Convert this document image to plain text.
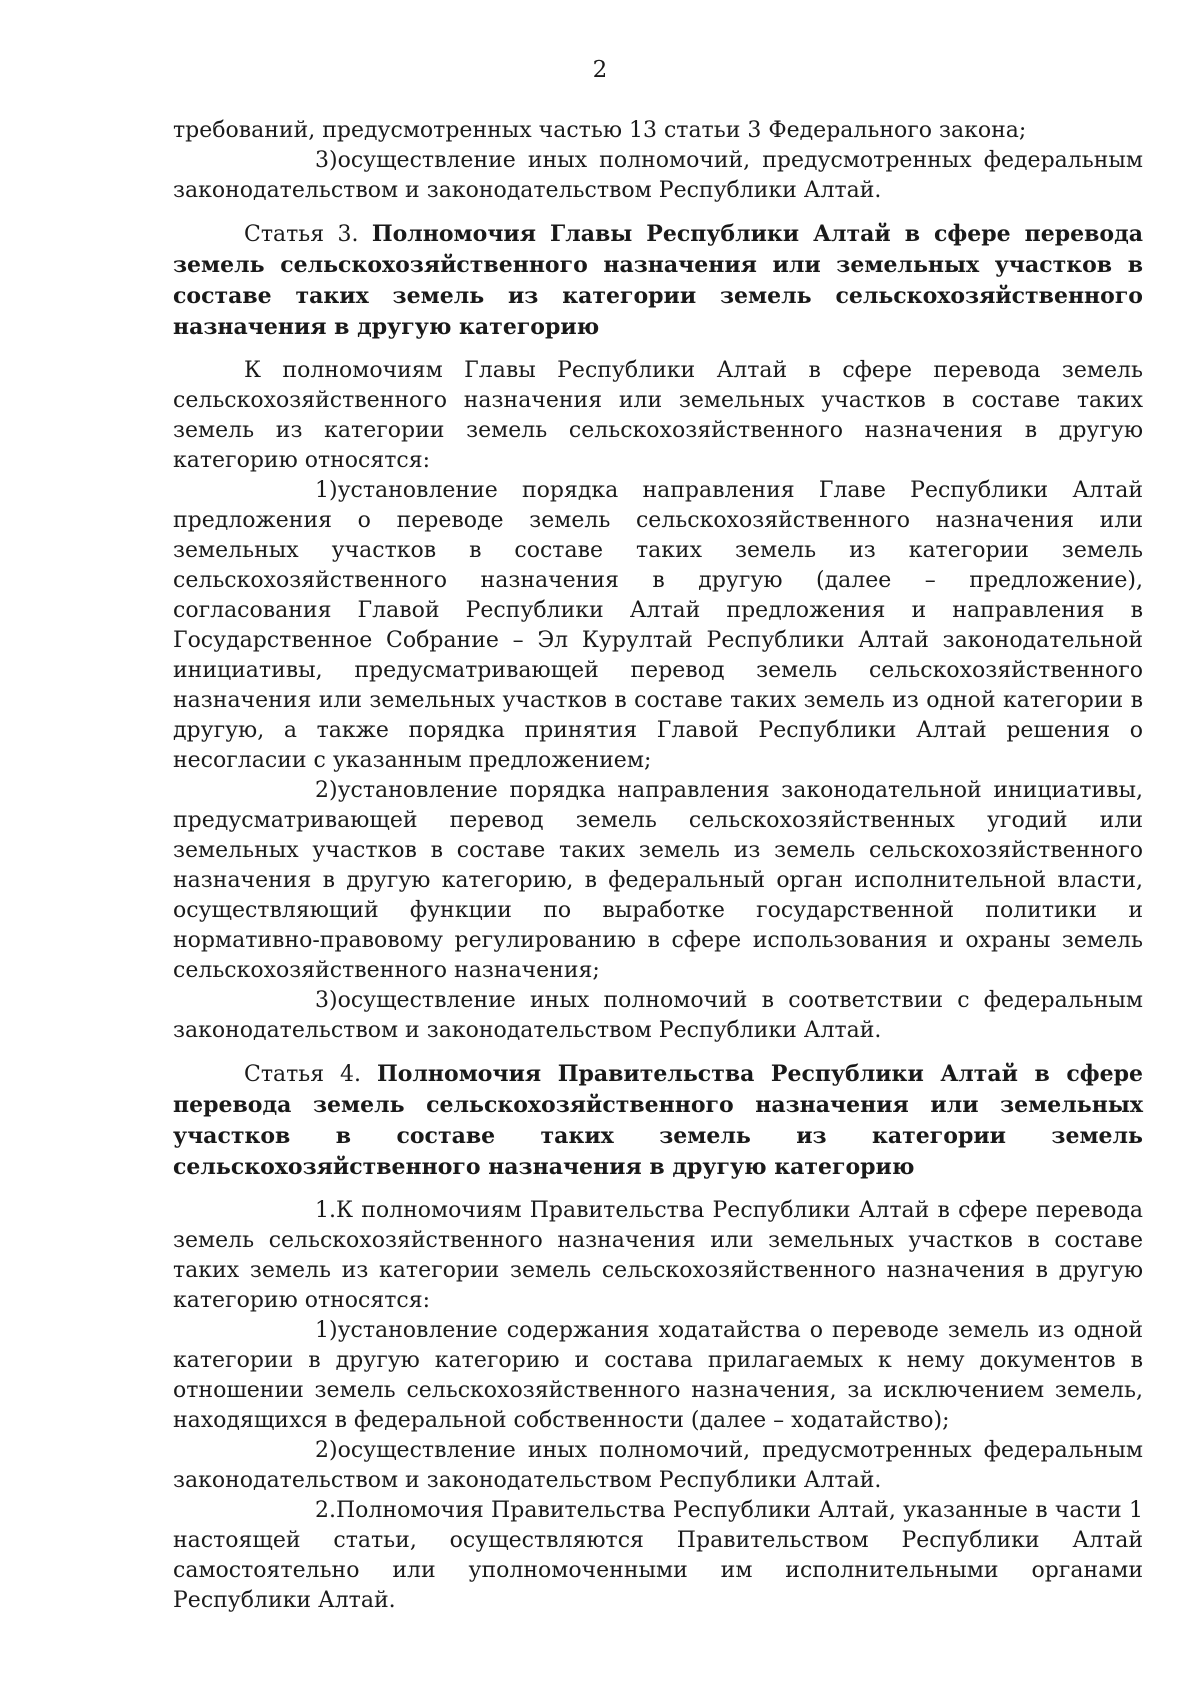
2

требований, предусмотренных частью 13 статьи 3 Федерального закона;

3)осуществление иных полномочий, предусмотренных федеральным законодательством и законодательством Республики Алтай.

Статья 3. Полномочия Главы Республики Алтай в сфере перевода земель сельскохозяйственного назначения или земельных участков в составе таких земель из категории земель сельскохозяйственного назначения в другую категорию

К полномочиям Главы Республики Алтай в сфере перевода земель сельскохозяйственного назначения или земельных участков в составе таких земель из категории земель сельскохозяйственного назначения в другую категорию относятся:

1)установление порядка направления Главе Республики Алтай предложения о переводе земель сельскохозяйственного назначения или земельных участков в составе таких земель из категории земель сельскохозяйственного назначения в другую (далее – предложение), согласования Главой Республики Алтай предложения и направления в Государственное Собрание – Эл Курултай Республики Алтай законодательной инициативы, предусматривающей перевод земель сельскохозяйственного назначения или земельных участков в составе таких земель из одной категории в другую, а также порядка принятия Главой Республики Алтай решения о несогласии с указанным предложением;

2)установление порядка направления законодательной инициативы, предусматривающей перевод земель сельскохозяйственных угодий или земельных участков в составе таких земель из земель сельскохозяйственного назначения в другую категорию, в федеральный орган исполнительной власти, осуществляющий функции по выработке государственной политики и нормативно-правовому регулированию в сфере использования и охраны земель сельскохозяйственного назначения;

3)осуществление иных полномочий в соответствии с федеральным законодательством и законодательством Республики Алтай.

Статья 4. Полномочия Правительства Республики Алтай в сфере перевода земель сельскохозяйственного назначения или земельных участков в составе таких земель из категории земель сельскохозяйственного назначения в другую категорию

1.К полномочиям Правительства Республики Алтай в сфере перевода земель сельскохозяйственного назначения или земельных участков в составе таких земель из категории земель сельскохозяйственного назначения в другую категорию относятся:

1)установление содержания ходатайства о переводе земель из одной категории в другую категорию и состава прилагаемых к нему документов в отношении земель сельскохозяйственного назначения, за исключением земель, находящихся в федеральной собственности (далее – ходатайство);

2)осуществление иных полномочий, предусмотренных федеральным законодательством и законодательством Республики Алтай.

2.Полномочия Правительства Республики Алтай, указанные в части 1 настоящей статьи, осуществляются Правительством Республики Алтай самостоятельно или уполномоченными им исполнительными органами Республики Алтай.
